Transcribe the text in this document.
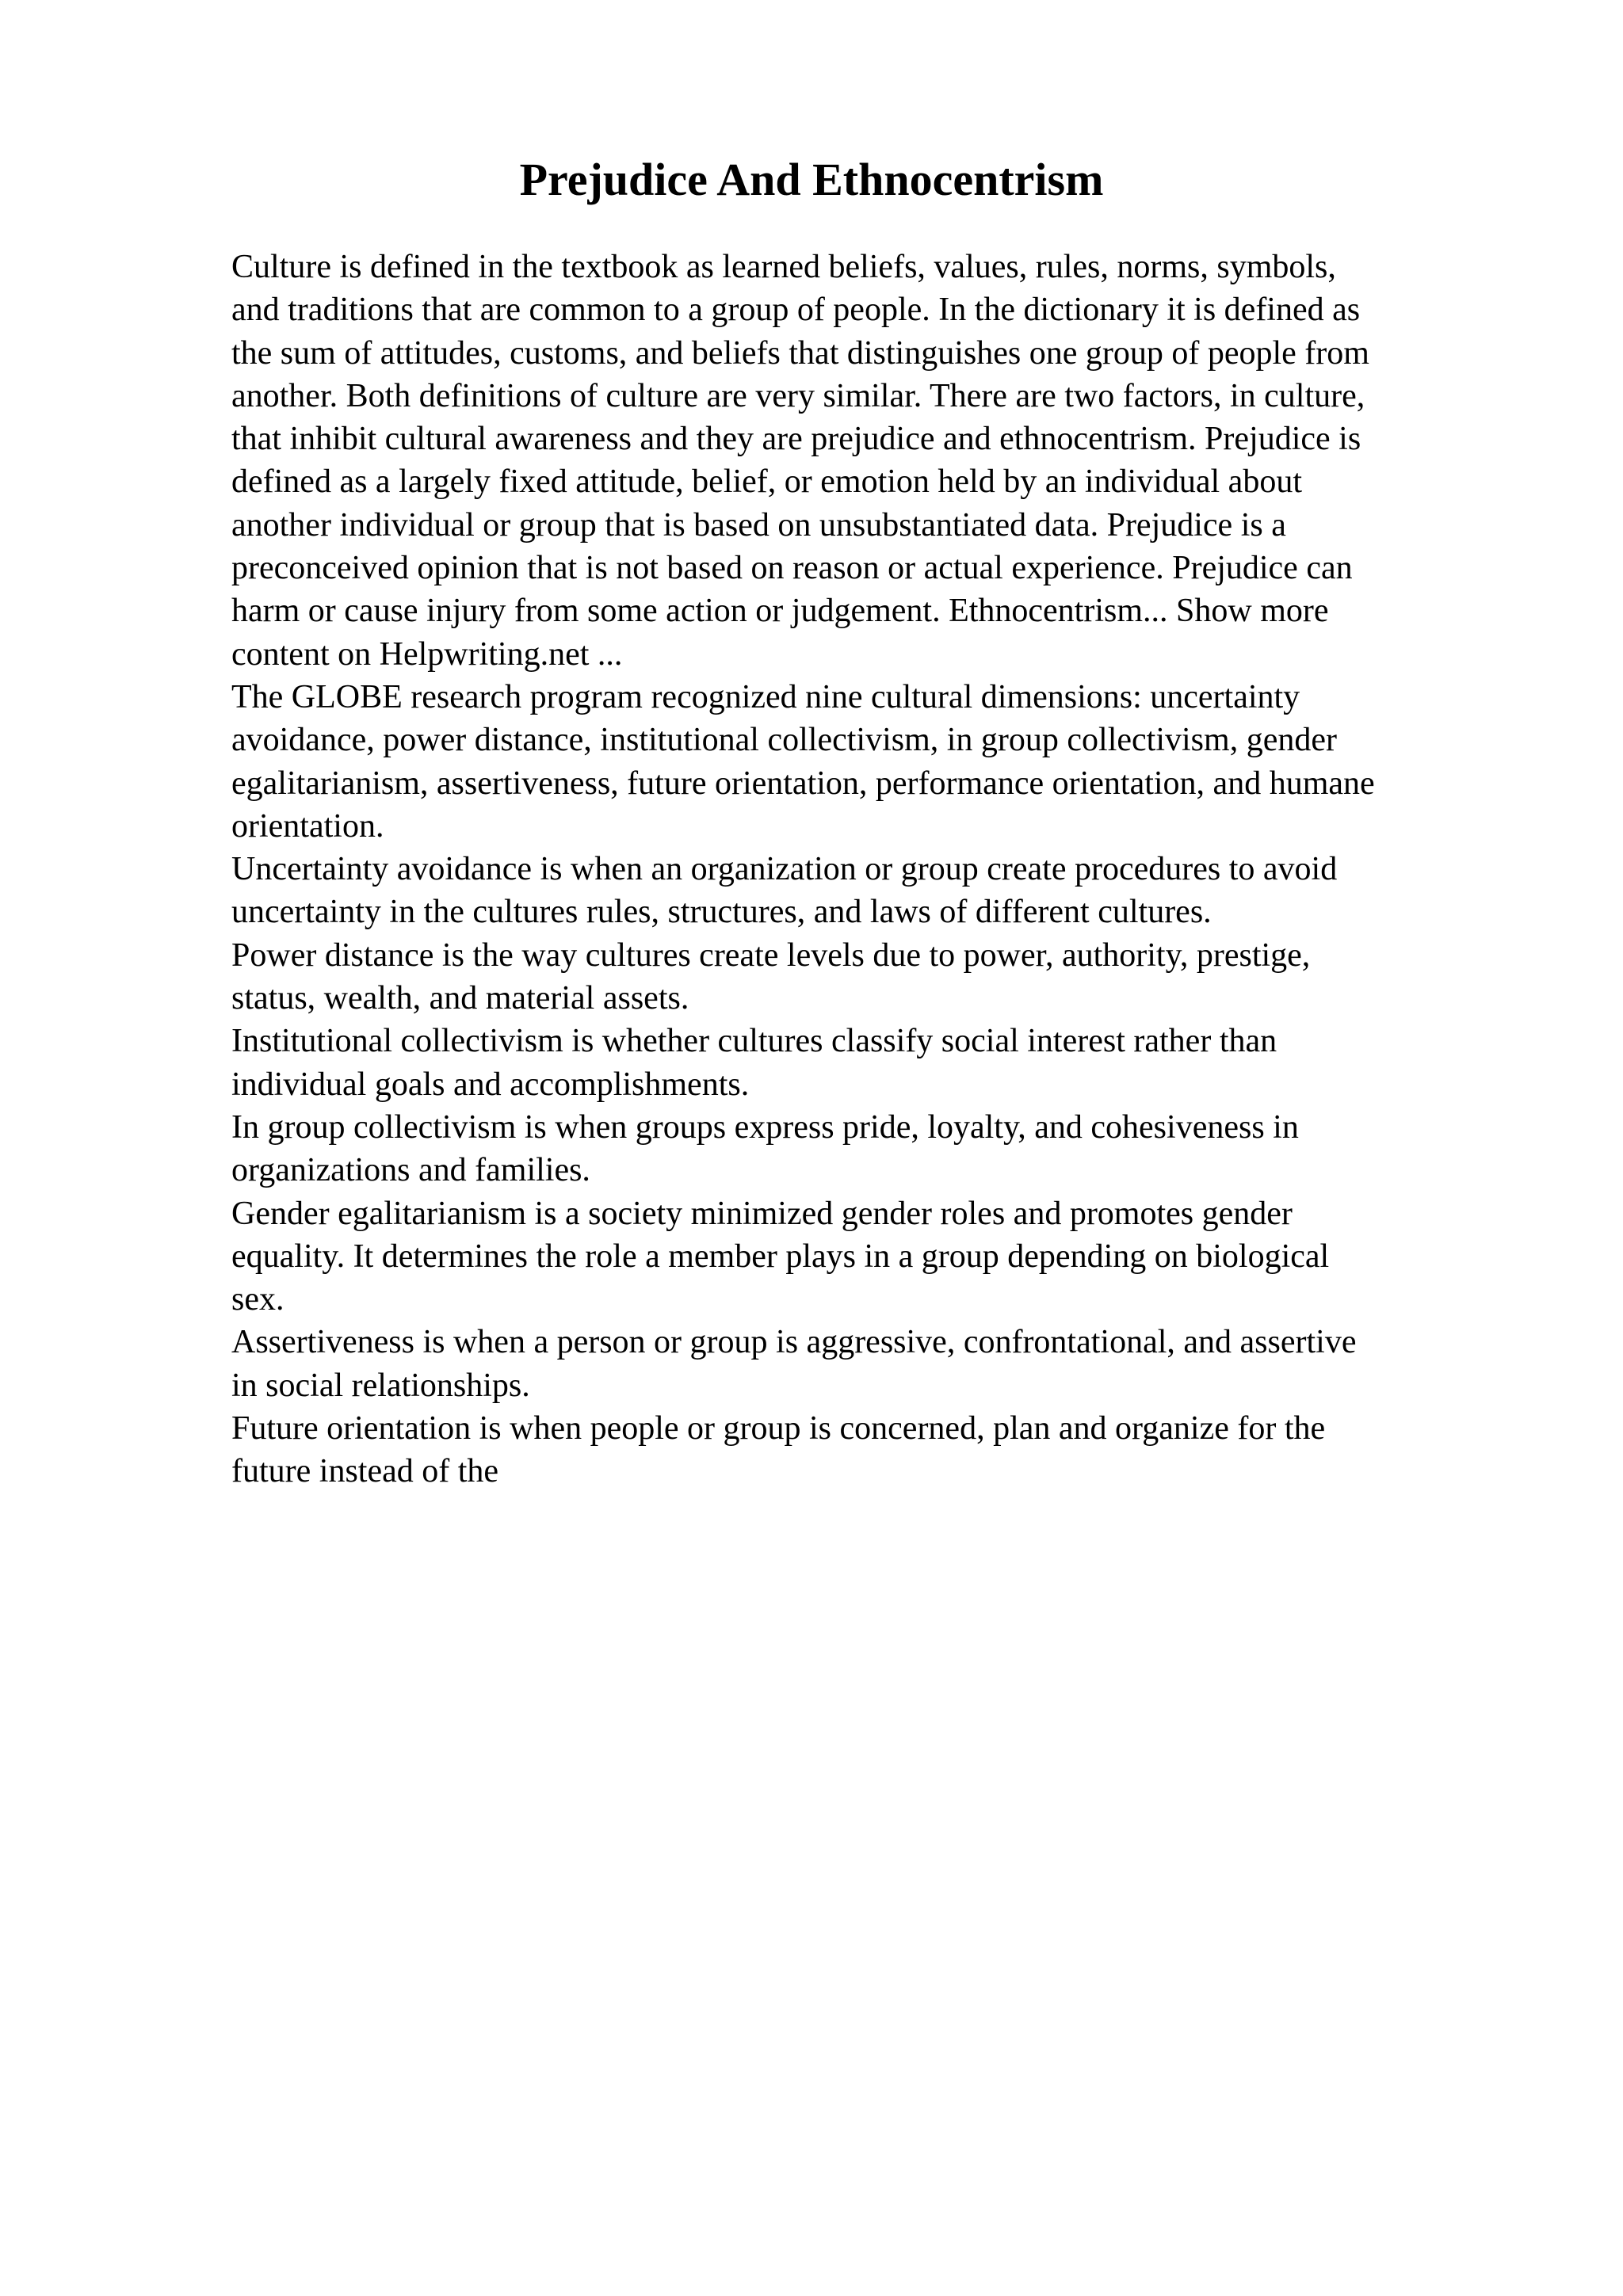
Prejudice And Ethnocentrism
Culture is defined in the textbook as learned beliefs, values, rules, norms, symbols,
and traditions that are common to a group of people. In the dictionary it is defined as
the sum of attitudes, customs, and beliefs that distinguishes one group of people from
another. Both definitions of culture are very similar. There are two factors, in culture,
that inhibit cultural awareness and they are prejudice and ethnocentrism. Prejudice is
defined as a largely fixed attitude, belief, or emotion held by an individual about
another individual or group that is based on unsubstantiated data. Prejudice is a
preconceived opinion that is not based on reason or actual experience. Prejudice can
harm or cause injury from some action or judgement. Ethnocentrism... Show more
content on Helpwriting.net ...
The GLOBE research program recognized nine cultural dimensions: uncertainty
avoidance, power distance, institutional collectivism, in group collectivism, gender
egalitarianism, assertiveness, future orientation, performance orientation, and humane
orientation.
Uncertainty avoidance is when an organization or group create procedures to avoid
uncertainty in the cultures rules, structures, and laws of different cultures.
Power distance is the way cultures create levels due to power, authority, prestige,
status, wealth, and material assets.
Institutional collectivism is whether cultures classify social interest rather than
individual goals and accomplishments.
In group collectivism is when groups express pride, loyalty, and cohesiveness in
organizations and families.
Gender egalitarianism is a society minimized gender roles and promotes gender
equality. It determines the role a member plays in a group depending on biological
sex.
Assertiveness is when a person or group is aggressive, confrontational, and assertive
in social relationships.
Future orientation is when people or group is concerned, plan and organize for the
future instead of the
